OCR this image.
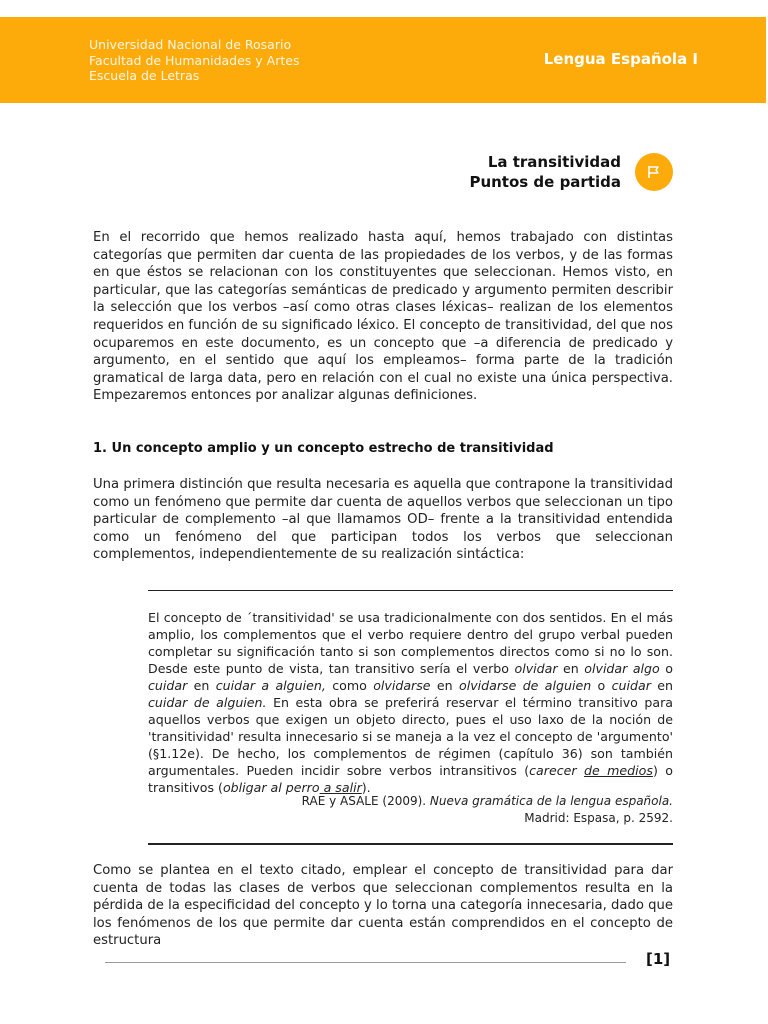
Universidad Nacional de Rosario
Facultad de Humanidades y Artes
Escuela de Letras
Lengua Española I
La transitividad
Puntos de partida
En el recorrido que hemos realizado hasta aquí, hemos trabajado con distintas categorías que permiten dar cuenta de las propiedades de los verbos, y de las formas en que éstos se relacionan con los constituyentes que seleccionan. Hemos visto, en particular, que las categorías semánticas de predicado y argumento permiten describir la selección que los verbos –así como otras clases léxicas– realizan de los elementos requeridos en función de su significado léxico. El concepto de transitividad, del que nos ocuparemos en este documento, es un concepto que –a diferencia de predicado y argumento, en el sentido que aquí los empleamos– forma parte de la tradición gramatical de larga data, pero en relación con el cual no existe una única perspectiva. Empezaremos entonces por analizar algunas definiciones.
1. Un concepto amplio y un concepto estrecho de transitividad
Una primera distinción que resulta necesaria es aquella que contrapone la transitividad como un fenómeno que permite dar cuenta de aquellos verbos que seleccionan un tipo particular de complemento –al que llamamos OD– frente a la transitividad entendida como un fenómeno del que participan todos los verbos que seleccionan complementos, independientemente de su realización sintáctica:
El concepto de ´transitividad' se usa tradicionalmente con dos sentidos. En el más amplio, los complementos que el verbo requiere dentro del grupo verbal pueden completar su significación tanto si son complementos directos como si no lo son. Desde este punto de vista, tan transitivo sería el verbo olvidar en olvidar algo o cuidar en cuidar a alguien, como olvidarse en olvidarse de alguien o cuidar en cuidar de alguien. En esta obra se preferirá reservar el término transitivo para aquellos verbos que exigen un objeto directo, pues el uso laxo de la noción de 'transitividad' resulta innecesario si se maneja a la vez el concepto de 'argumento' (§1.12e). De hecho, los complementos de régimen (capítulo 36) son también argumentales. Pueden incidir sobre verbos intransitivos (carecer de medios) o transitivos (obligar al perro a salir).
RAE y ASALE (2009). Nueva gramática de la lengua española.
Madrid: Espasa, p. 2592.
Como se plantea en el texto citado, emplear el concepto de transitividad para dar cuenta de todas las clases de verbos que seleccionan complementos resulta en la pérdida de la especificidad del concepto y lo torna una categoría innecesaria, dado que los fenómenos de los que permite dar cuenta están comprendidos en el concepto de estructura
[1]
